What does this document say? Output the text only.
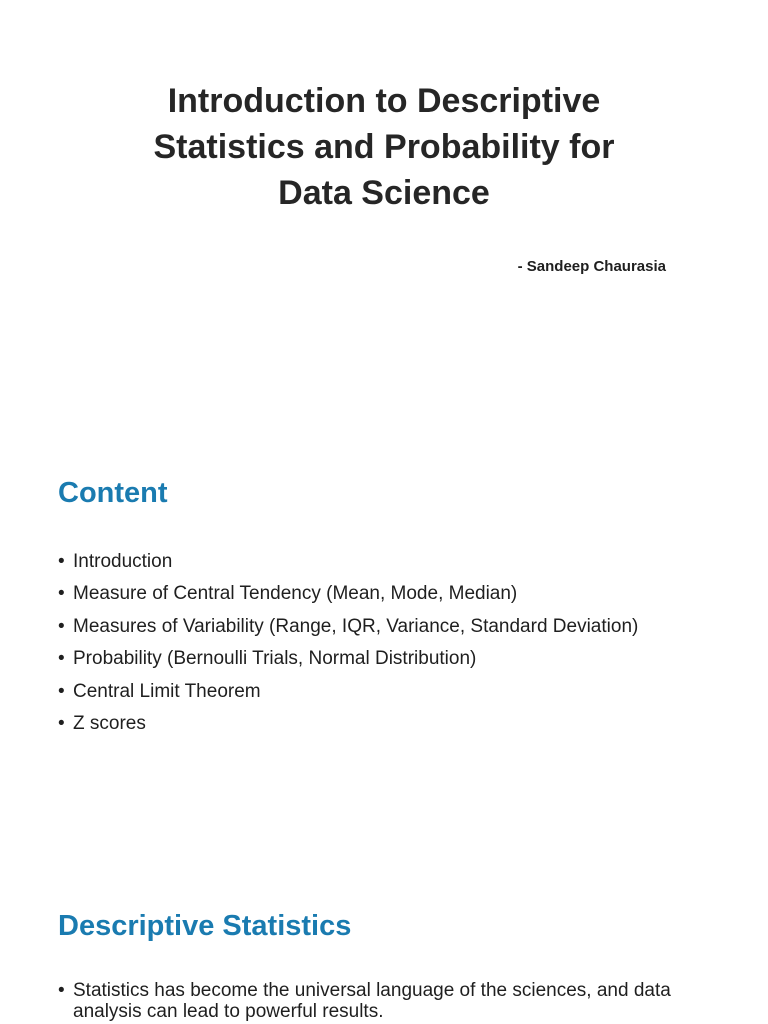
Introduction to Descriptive
Statistics and Probability for
Data Science
- Sandeep Chaurasia
Content
• Introduction
• Measure of Central Tendency (Mean, Mode, Median)
• Measures of Variability (Range, IQR, Variance, Standard Deviation)
• Probability (Bernoulli Trials, Normal Distribution)
• Central Limit Theorem
• Z scores
Descriptive Statistics
• Statistics has become the universal language of the sciences, and data analysis can lead to powerful results.
